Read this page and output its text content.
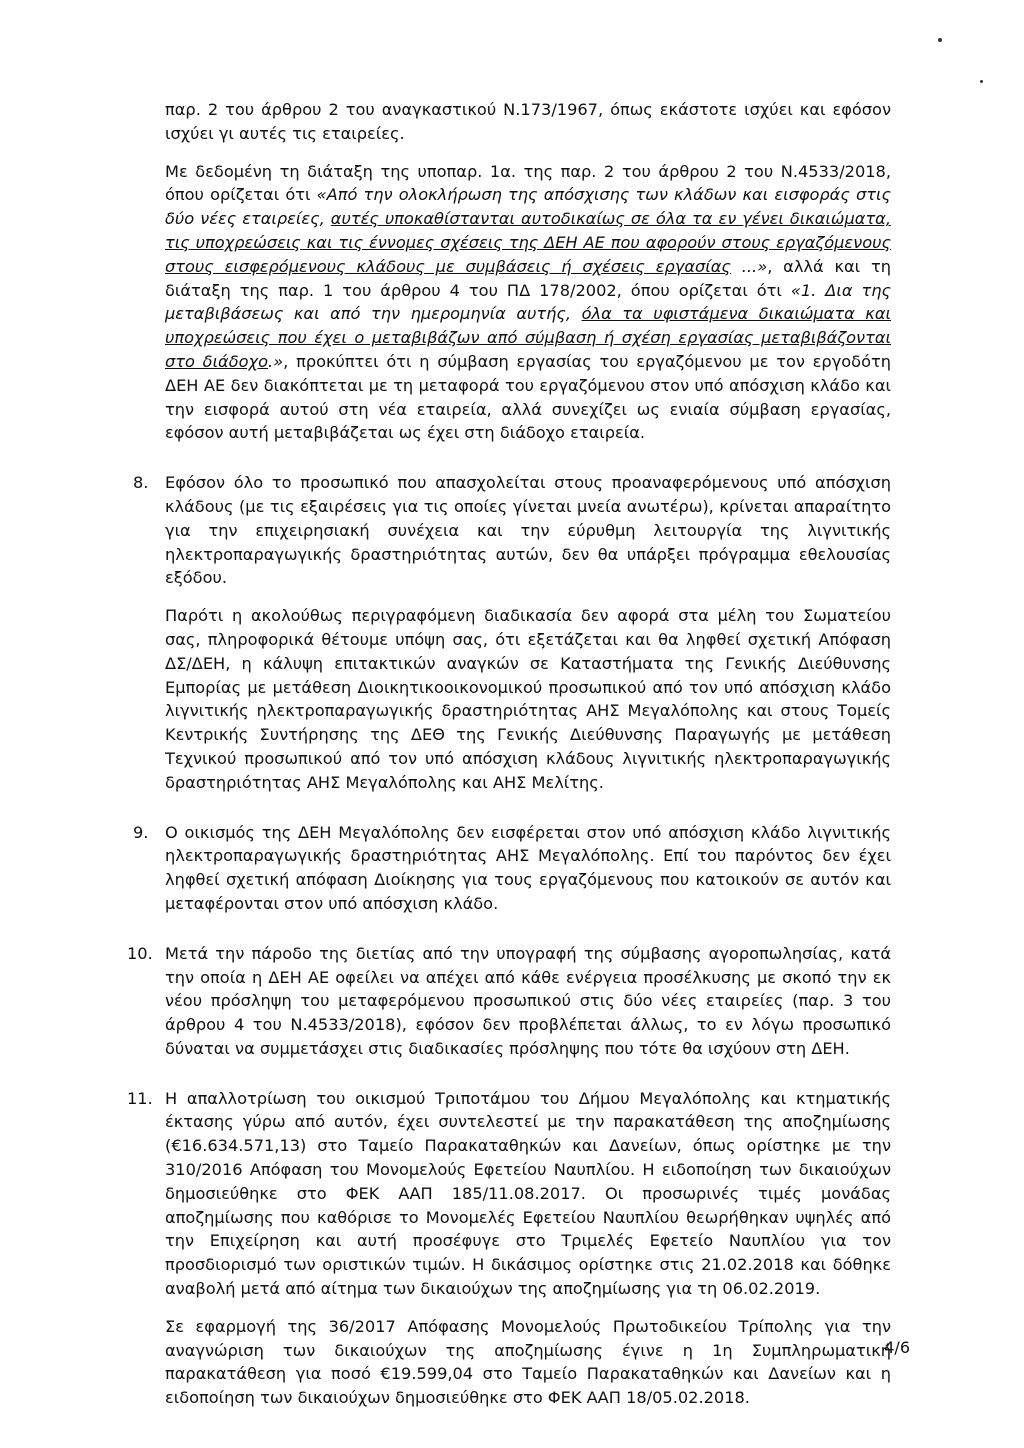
παρ. 2 του άρθρου 2 του αναγκαστικού Ν.173/1967, όπως εκάστοτε ισχύει και εφόσον ισχύει γι αυτές τις εταιρείες.

Με δεδομένη τη διάταξη της υποπαρ. 1α. της παρ. 2 του άρθρου 2 του Ν.4533/2018, όπου ορίζεται ότι «Από την ολοκλήρωση της απόσχισης των κλάδων και εισφοράς στις δύο νέες εταιρείες, αυτές υποκαθίστανται αυτοδικαίως σε όλα τα εν γένει δικαιώματα, τις υποχρεώσεις και τις έννομες σχέσεις της ΔΕΗ ΑΕ που αφορούν στους εργαζόμενους στους εισφερόμενους κλάδους με συμβάσεις ή σχέσεις εργασίας ...», αλλά και τη διάταξη της παρ. 1 του άρθρου 4 του ΠΔ 178/2002, όπου ορίζεται ότι «1. Δια της μεταβιβάσεως και από την ημερομηνία αυτής, όλα τα υφιστάμενα δικαιώματα και υποχρεώσεις που έχει ο μεταβιβάζων από σύμβαση ή σχέση εργασίας μεταβιβάζονται στο διάδοχο.», προκύπτει ότι η σύμβαση εργασίας του εργαζόμενου με τον εργοδότη ΔΕΗ ΑΕ δεν διακόπτεται με τη μεταφορά του εργαζόμενου στον υπό απόσχιση κλάδο και την εισφορά αυτού στη νέα εταιρεία, αλλά συνεχίζει ως ενιαία σύμβαση εργασίας, εφόσον αυτή μεταβιβάζεται ως έχει στη διάδοχο εταιρεία.

8. Εφόσον όλο το προσωπικό που απασχολείται στους προαναφερόμενους υπό απόσχιση κλάδους (με τις εξαιρέσεις για τις οποίες γίνεται μνεία ανωτέρω), κρίνεται απαραίτητο για την επιχειρησιακή συνέχεια και την εύρυθμη λειτουργία της λιγνιτικής ηλεκτροπαραγωγικής δραστηριότητας αυτών, δεν θα υπάρξει πρόγραμμα εθελουσίας εξόδου.

Παρότι η ακολούθως περιγραφόμενη διαδικασία δεν αφορά στα μέλη του Σωματείου σας, πληροφορικά θέτουμε υπόψη σας, ότι εξετάζεται και θα ληφθεί σχετική Απόφαση ΔΣ/ΔΕΗ, η κάλυψη επιτακτικών αναγκών σε Καταστήματα της Γενικής Διεύθυνσης Εμπορίας με μετάθεση Διοικητικοοικονομικού προσωπικού από τον υπό απόσχιση κλάδο λιγνιτικής ηλεκτροπαραγωγικής δραστηριότητας ΑΗΣ Μεγαλόπολης και στους Τομείς Κεντρικής Συντήρησης της ΔΕΘ της Γενικής Διεύθυνσης Παραγωγής με μετάθεση Τεχνικού προσωπικού από τον υπό απόσχιση κλάδους λιγνιτικής ηλεκτροπαραγωγικής δραστηριότητας ΑΗΣ Μεγαλόπολης και ΑΗΣ Μελίτης.

9. Ο οικισμός της ΔΕΗ Μεγαλόπολης δεν εισφέρεται στον υπό απόσχιση κλάδο λιγνιτικής ηλεκτροπαραγωγικής δραστηριότητας ΑΗΣ Μεγαλόπολης. Επί του παρόντος δεν έχει ληφθεί σχετική απόφαση Διοίκησης για τους εργαζόμενους που κατοικούν σε αυτόν και μεταφέρονται στον υπό απόσχιση κλάδο.

10. Μετά την πάροδο της διετίας από την υπογραφή της σύμβασης αγοροπωλησίας, κατά την οποία η ΔΕΗ ΑΕ οφείλει να απέχει από κάθε ενέργεια προσέλκυσης με σκοπό την εκ νέου πρόσληψη του μεταφερόμενου προσωπικού στις δύο νέες εταιρείες (παρ. 3 του άρθρου 4 του Ν.4533/2018), εφόσον δεν προβλέπεται άλλως, το εν λόγω προσωπικό δύναται να συμμετάσχει στις διαδικασίες πρόσληψης που τότε θα ισχύουν στη ΔΕΗ.

11. Η απαλλοτρίωση του οικισμού Τριποτάμου του Δήμου Μεγαλόπολης και κτηματικής έκτασης γύρω από αυτόν, έχει συντελεστεί με την παρακατάθεση της αποζημίωσης (€16.634.571,13) στο Ταμείο Παρακαταθηκών και Δανείων, όπως ορίστηκε με την 310/2016 Απόφαση του Μονομελούς Εφετείου Ναυπλίου. Η ειδοποίηση των δικαιούχων δημοσιεύθηκε στο ΦΕΚ ΑΑΠ 185/11.08.2017. Οι προσωρινές τιμές μονάδας αποζημίωσης που καθόρισε το Μονομελές Εφετείου Ναυπλίου θεωρήθηκαν υψηλές από την Επιχείρηση και αυτή προσέφυγε στο Τριμελές Εφετείο Ναυπλίου για τον προσδιορισμό των οριστικών τιμών. Η δικάσιμος ορίστηκε στις 21.02.2018 και δόθηκε αναβολή μετά από αίτημα των δικαιούχων της αποζημίωσης για τη 06.02.2019.

Σε εφαρμογή της 36/2017 Απόφασης Μονομελούς Πρωτοδικείου Τρίπολης για την αναγνώριση των δικαιούχων της αποζημίωσης έγινε η 1η Συμπληρωματική παρακατάθεση για ποσό €19.599,04 στο Ταμείο Παρακαταθηκών και Δανείων και η ειδοποίηση των δικαιούχων δημοσιεύθηκε στο ΦΕΚ ΑΑΠ 18/05.02.2018.

4/6
